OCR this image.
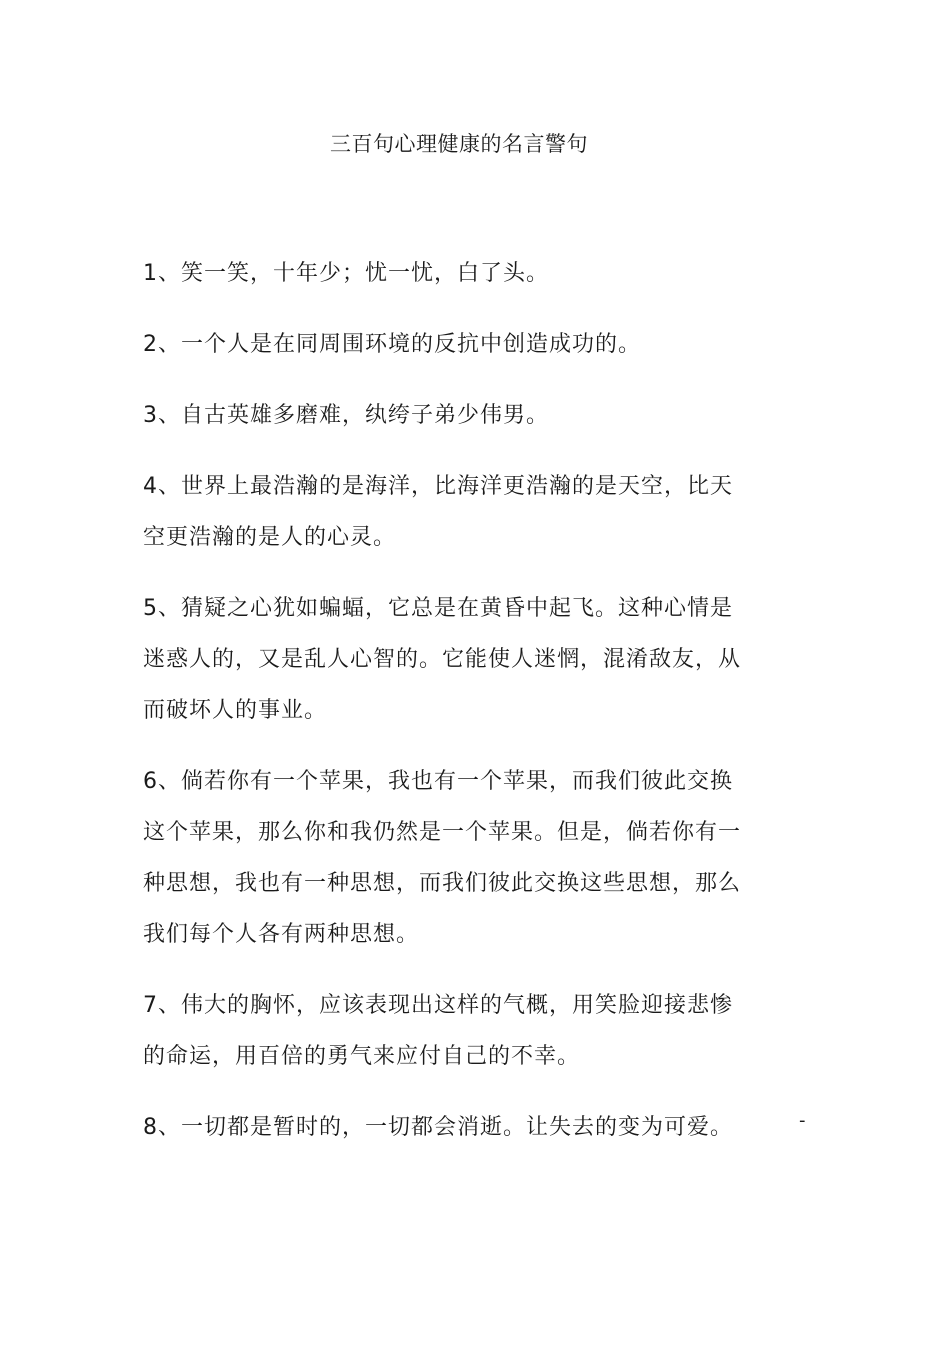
三百句心理健康的名言警句
1、笑一笑，十年少；忧一忧，白了头。
2、一个人是在同周围环境的反抗中创造成功的。
3、自古英雄多磨难，纨绔子弟少伟男。
4、世界上最浩瀚的是海洋，比海洋更浩瀚的是天空，比天空更浩瀚的是人的心灵。
5、猜疑之心犹如蝙蝠，它总是在黄昏中起飞。这种心情是迷惑人的，又是乱人心智的。它能使人迷惘，混淆敌友，从而破坏人的事业。
6、倘若你有一个苹果，我也有一个苹果，而我们彼此交换这个苹果，那么你和我仍然是一个苹果。但是，倘若你有一种思想，我也有一种思想，而我们彼此交换这些思想，那么我们每个人各有两种思想。
7、伟大的胸怀，应该表现出这样的气概，用笑脸迎接悲惨的命运，用百倍的勇气来应付自己的不幸。
8、一切都是暂时的，一切都会消逝。让失去的变为可爱。	-
